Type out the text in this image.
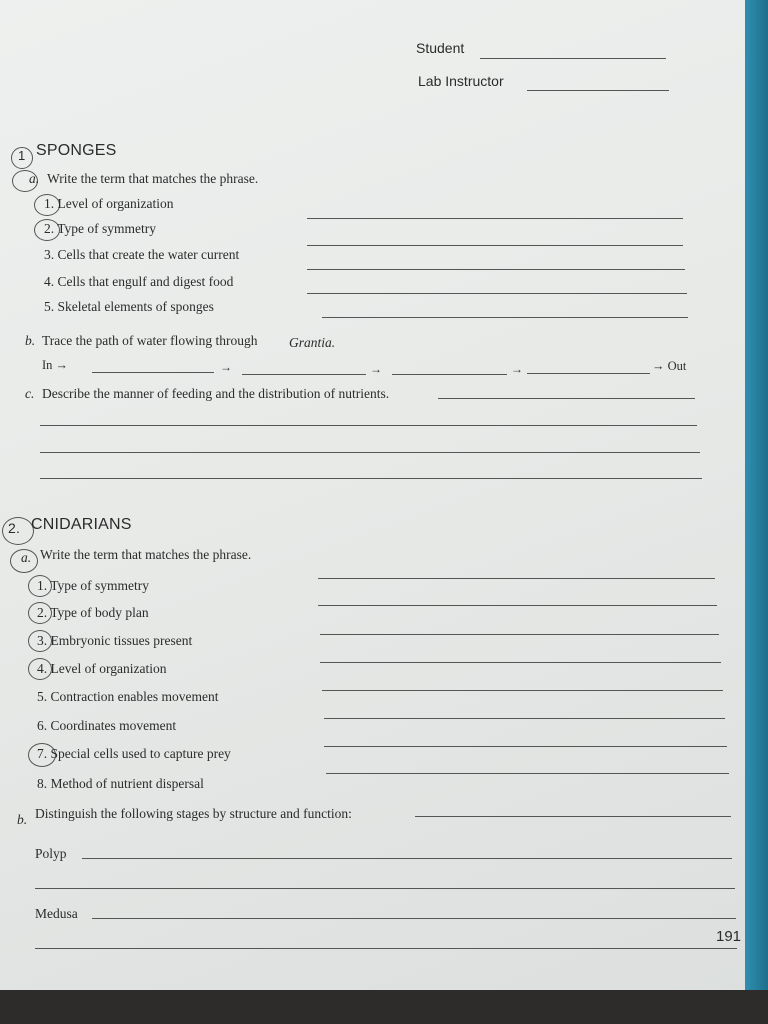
Student
Lab Instructor
1 SPONGES
a. Write the term that matches the phrase.
1. Level of organization
2. Type of symmetry
3. Cells that create the water current
4. Cells that engulf and digest food
5. Skeletal elements of sponges
b. Trace the path of water flowing through Grantia.
In →	→	→	→	→ Out
c. Describe the manner of feeding and the distribution of nutrients.
2. CNIDARIANS
a. Write the term that matches the phrase.
1. Type of symmetry
2. Type of body plan
3. Embryonic tissues present
4. Level of organization
5. Contraction enables movement
6. Coordinates movement
7. Special cells used to capture prey
8. Method of nutrient dispersal
b. Distinguish the following stages by structure and function:
Polyp
Medusa
191
